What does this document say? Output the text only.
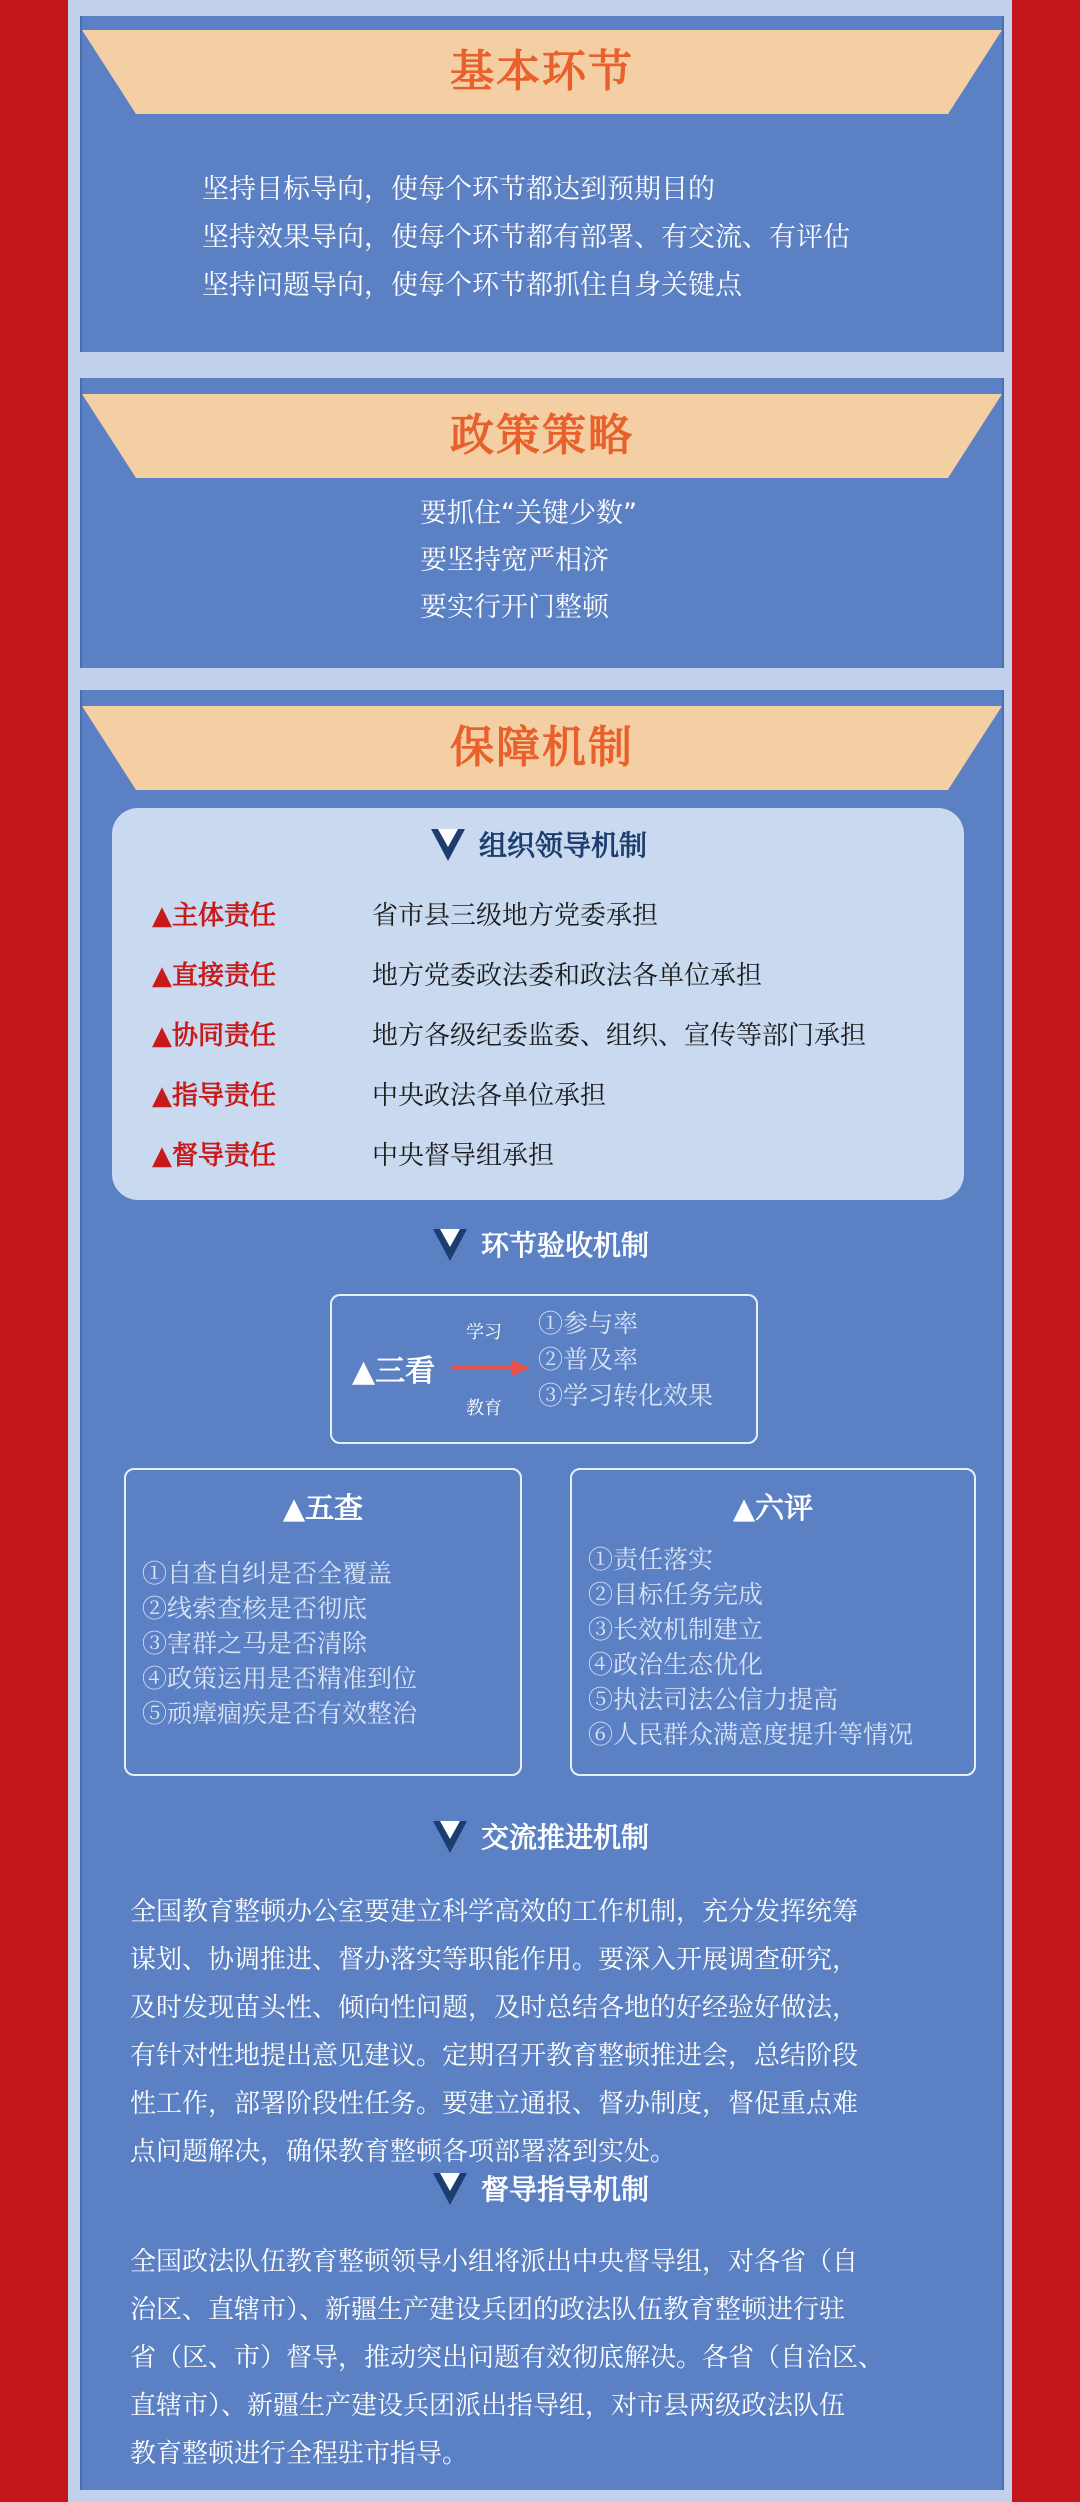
基本环节
坚持目标导向，使每个环节都达到预期目的
坚持效果导向，使每个环节都有部署、有交流、有评估
坚持问题导向，使每个环节都抓住自身关键点
政策策略
要抓住“关键少数”
要坚持宽严相济
要实行开门整顿
保障机制
组织领导机制
▲主体责任	省市县三级地方党委承担
▲直接责任	地方党委政法委和政法各单位承担
▲协同责任	地方各级纪委监委、组织、宣传等部门承担
▲指导责任	中央政法各单位承担
▲督导责任	中央督导组承担
环节验收机制
▲三看
学习
教育
①参与率
②普及率
③学习转化效果
▲五查
①自查自纠是否全覆盖
②线索查核是否彻底
③害群之马是否清除
④政策运用是否精准到位
⑤顽瘴痼疾是否有效整治
▲六评
①责任落实
②目标任务完成
③长效机制建立
④政治生态优化
⑤执法司法公信力提高
⑥人民群众满意度提升等情况
交流推进机制
全国教育整顿办公室要建立科学高效的工作机制，充分发挥统筹
谋划、协调推进、督办落实等职能作用。要深入开展调查研究，
及时发现苗头性、倾向性问题，及时总结各地的好经验好做法，
有针对性地提出意见建议。定期召开教育整顿推进会，总结阶段
性工作，部署阶段性任务。要建立通报、督办制度，督促重点难
点问题解决，确保教育整顿各项部署落到实处。
督导指导机制
全国政法队伍教育整顿领导小组将派出中央督导组，对各省（自
治区、直辖市）、新疆生产建设兵团的政法队伍教育整顿进行驻
省（区、市）督导，推动突出问题有效彻底解决。各省（自治区、
直辖市）、新疆生产建设兵团派出指导组，对市县两级政法队伍
教育整顿进行全程驻市指导。
